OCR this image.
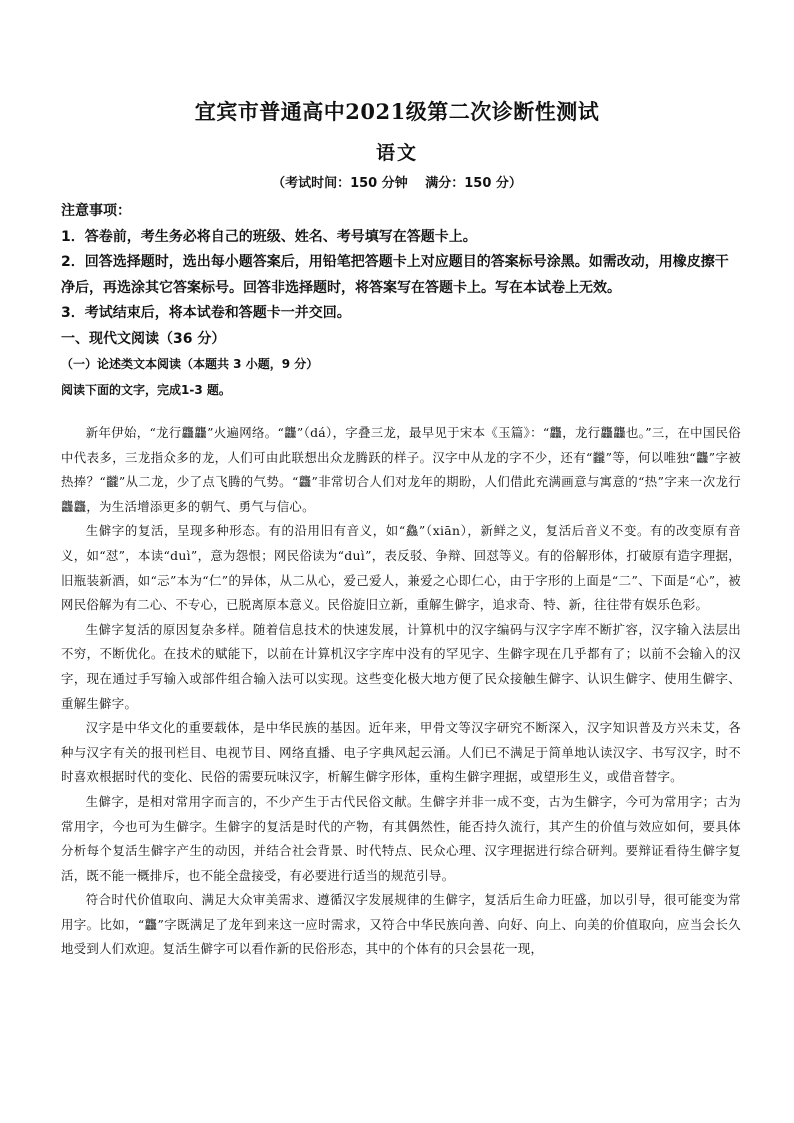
宜宾市普通高中2021级第二次诊断性测试
语文
（考试时间：150 分钟　 满分：150 分）

注意事项：

1．答卷前，考生务必将自己的班级、姓名、考号填写在答题卡上。

2．回答选择题时，选出每小题答案后，用铅笔把答题卡上对应题目的答案标号涂黑。如需改动，用橡皮擦干净后，再选涂其它答案标号。回答非选择题时，将答案写在答题卡上。写在本试卷上无效。

3．考试结束后，将本试卷和答题卡一并交回。

一、现代文阅读（36 分）

（一）论述类文本阅读（本题共 3 小题，9 分）

阅读下面的文字，完成1-3 题。

新年伊始，“龙行龘龘”火遍网络。“龘”（dá），字叠三龙，最早见于宋本《玉篇》：“龘，龙行龘龘也。”三，在中国民俗中代表多，三龙指众多的龙，人们可由此联想出众龙腾跃的样子。汉字中从龙的字不少，还有“龖”等，何以唯独“龘”字被热捧？“龖”从二龙，少了点飞腾的气势。“龘”非常切合人们对龙年的期盼，人们借此充满画意与寓意的“热”字来一次龙行龘龘，为生活增添更多的朝气、勇气与信心。

生僻字的复活，呈现多种形态。有的沿用旧有音义，如“鱻”（xiān），新鲜之义，复活后音义不变。有的改变原有音义，如“怼”，本读“duì”，意为怨恨；网民俗读为“duì”，表反驳、争辩、回怼等义。有的俗解形体，打破原有造字理据，旧瓶装新酒，如“忈”本为“仁”的异体，从二从心，爱己爱人，兼爱之心即仁心，由于字形的上面是“二”、下面是“心”，被网民俗解为有二心、不专心，已脱离原本意义。民俗旋旧立新，重解生僻字，追求奇、特、新，往往带有娱乐色彩。

生僻字复活的原因复杂多样。随着信息技术的快速发展，计算机中的汉字编码与汉字字库不断扩容，汉字输入法层出不穷，不断优化。在技术的赋能下，以前在计算机汉字字库中没有的罕见字、生僻字现在几乎都有了；以前不会输入的汉字，现在通过手写输入或部件组合输入法可以实现。这些变化极大地方便了民众接触生僻字、认识生僻字、使用生僻字、重解生僻字。

汉字是中华文化的重要载体，是中华民族的基因。近年来，甲骨文等汉字研究不断深入，汉字知识普及方兴未艾，各种与汉字有关的报刊栏目、电视节目、网络直播、电子字典风起云涌。人们已不满足于简单地认读汉字、书写汉字，时不时喜欢根据时代的变化、民俗的需要玩味汉字，析解生僻字形体，重构生僻字理据，或望形生义，或借音替字。

生僻字，是相对常用字而言的，不少产生于古代民俗文献。生僻字并非一成不变，古为生僻字，今可为常用字；古为常用字，今也可为生僻字。生僻字的复活是时代的产物，有其偶然性，能否持久流行，其产生的价值与效应如何，要具体分析每个复活生僻字产生的动因，并结合社会背景、时代特点、民众心理、汉字理据进行综合研判。要辩证看待生僻字复活，既不能一概排斥，也不能全盘接受，有必要进行适当的规范引导。

符合时代价值取向、满足大众审美需求、遵循汉字发展规律的生僻字，复活后生命力旺盛，加以引导，很可能变为常用字。比如，“龘”字既满足了龙年到来这一应时需求，又符合中华民族向善、向好、向上、向美的价值取向，应当会长久地受到人们欢迎。复活生僻字可以看作新的民俗形态，其中的个体有的只会昙花一现，
